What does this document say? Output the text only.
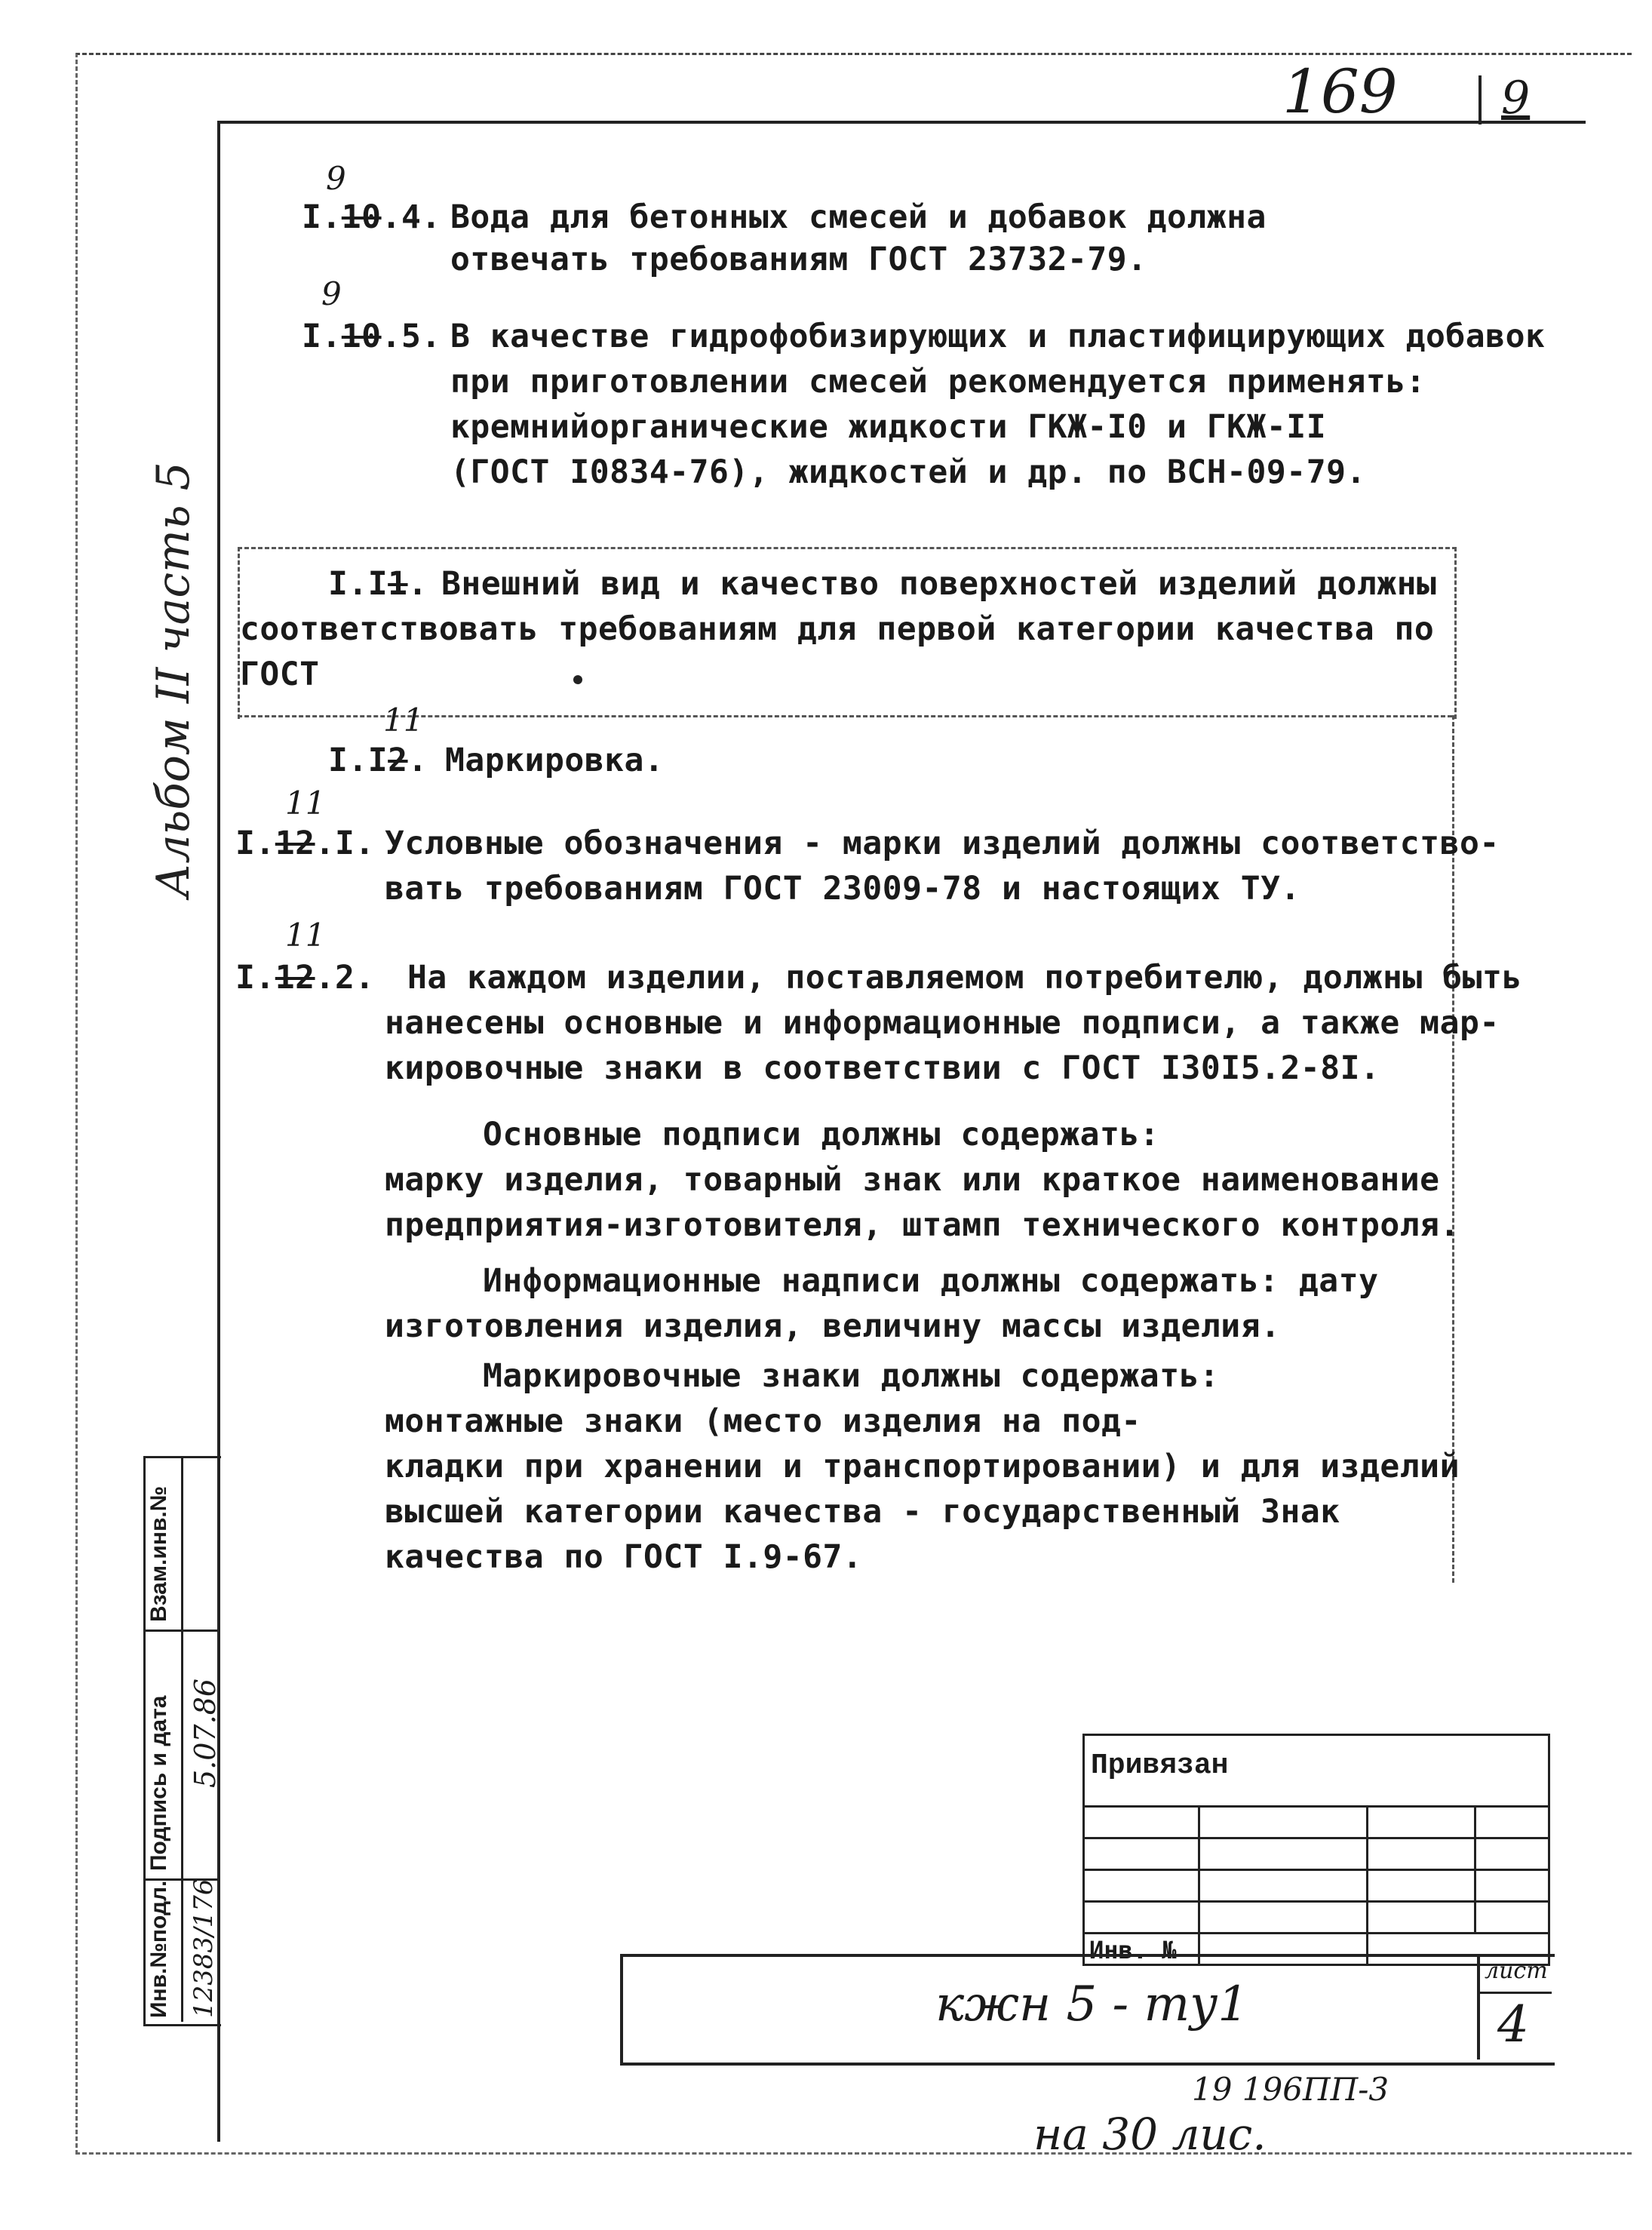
169 9
Альбом II часть 5
I.10.4.
9
Вода для бетонных смесей и добавок должна
отвечать требованиям ГОСТ 23732-79.
I.10.5.
9
В качестве гидрофобизирующих и пластифицирующих добавок
при приготовлении смесей рекомендуется применять:
кремнийорганические жидкости ГКЖ-I0 и ГКЖ-II
(ГОСТ I0834-76), жидкостей и др. по ВСН-09-79.
I.I1. Внешний вид и качество поверхностей изделий должны
соответствовать требованиям для первой категории качества по
ГОСТ
I.I2.
11
Маркировка.
I.12.I.
11
Условные обозначения - марки изделий должны соответство-
вать требованиям ГОСТ 23009-78 и настоящих ТУ.
I.12.2.
11
На каждом изделии, поставляемом потребителю, должны быть
нанесены основные и информационные подписи, а также мар-
кировочные знаки в соответствии с ГОСТ I30I5.2-8I.
Основные подписи должны содержать:
марку изделия, товарный знак или краткое наименование
предприятия-изготовителя, штамп технического контроля.
Информационные надписи должны содержать: дату
изготовления изделия, величину массы изделия.
Маркировочные знаки должны содержать:
монтажные знаки (место изделия на под-
кладки при хранении и транспортировании) и для изделий
высшей категории качества - государственный Знак
качества по ГОСТ I.9-67.
Привязан			

Инв. №			

кжн 5 - ту1
лист
4
19 196ПП-3
на 30 лис.
Взам.инв.№
Подпись и дата
Инв.№подл.
5.07.86
12383/176
